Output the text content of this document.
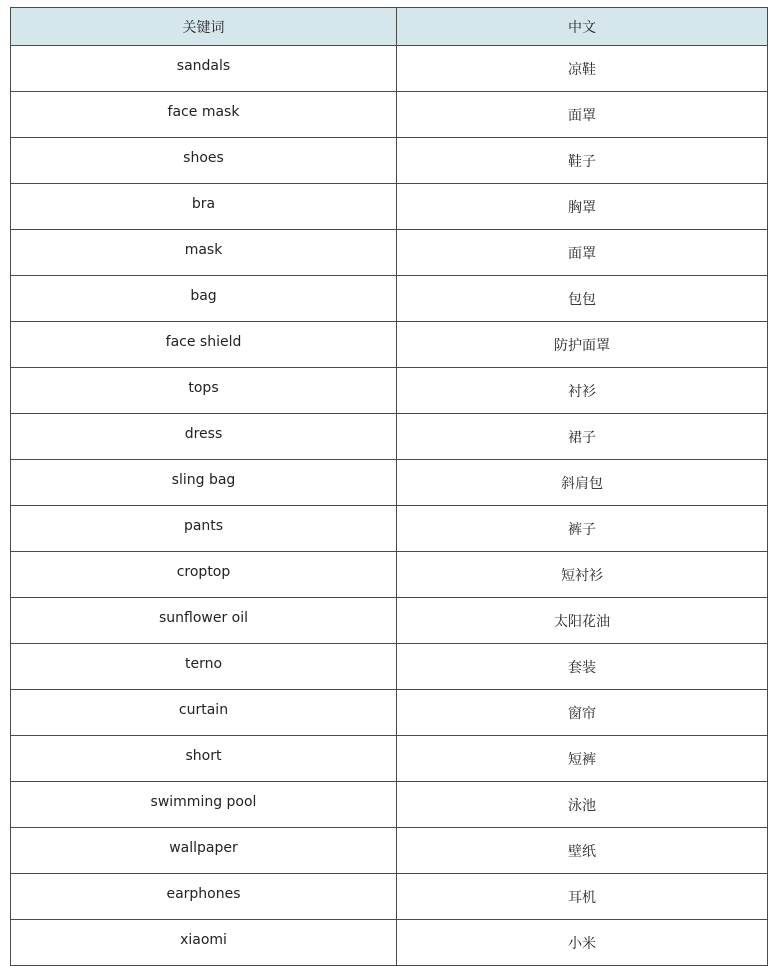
关键词	中文
sandals	凉鞋
face mask	面罩
shoes	鞋子
bra	胸罩
mask	面罩
bag	包包
face shield	防护面罩
tops	衬衫
dress	裙子
sling bag	斜肩包
pants	裤子
croptop	短衬衫
sunflower oil	太阳花油
terno	套装
curtain	窗帘
short	短裤
swimming pool	泳池
wallpaper	壁纸
earphones	耳机
xiaomi	小米
